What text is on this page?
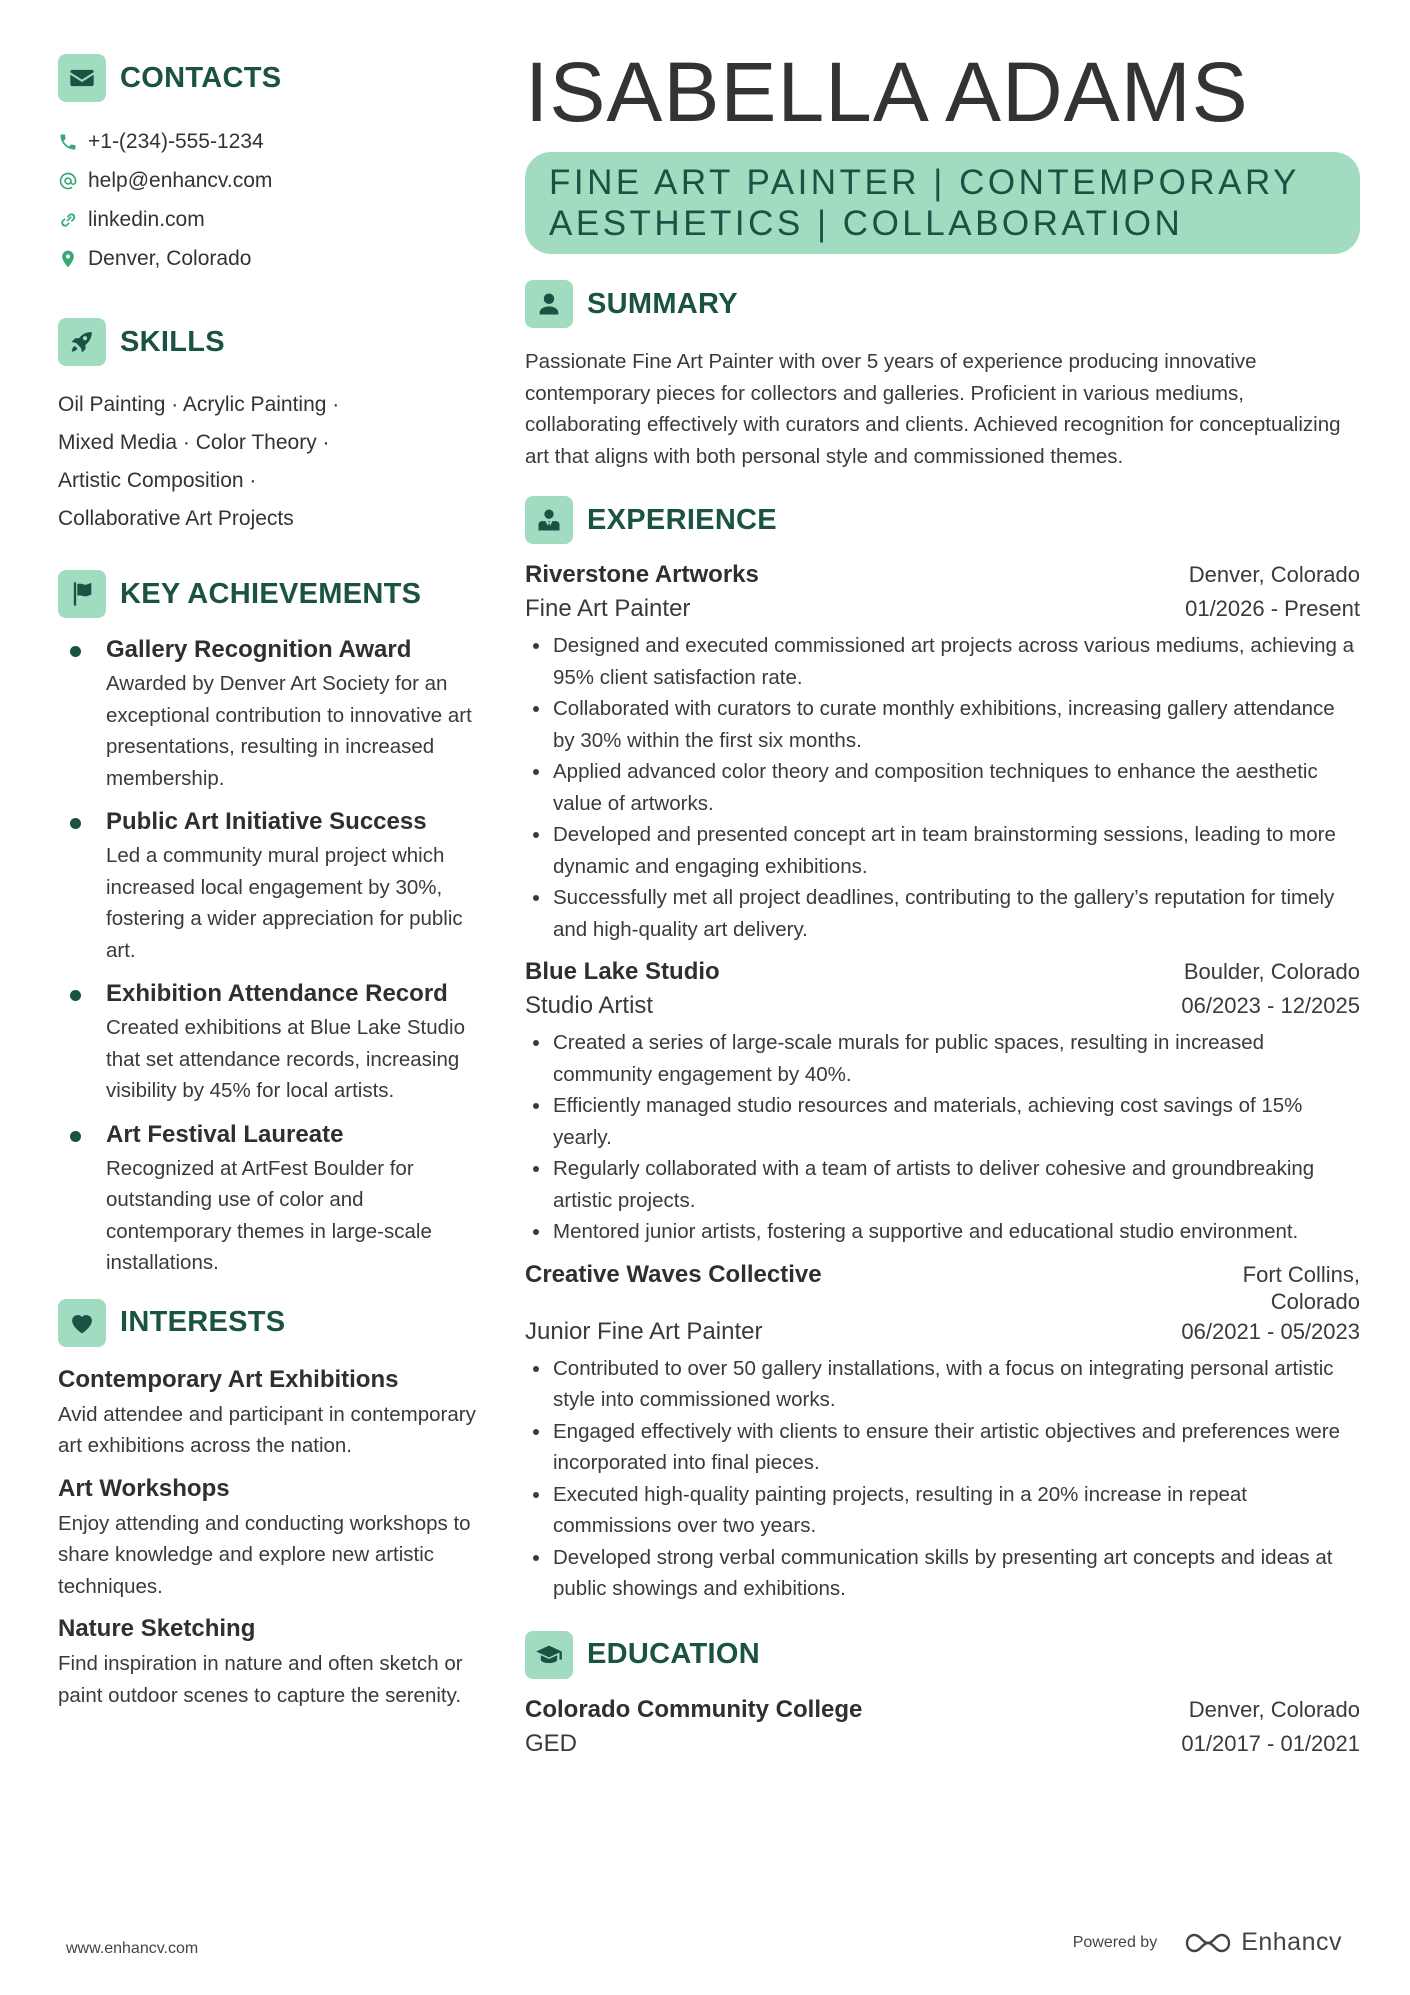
CONTACTS
+1-(234)-555-1234
help@enhancv.com
linkedin.com
Denver, Colorado
SKILLS
Oil Painting · Acrylic Painting ·
Mixed Media · Color Theory ·
Artistic Composition ·
Collaborative Art Projects
KEY ACHIEVEMENTS
Gallery Recognition Award
Awarded by Denver Art Society for an exceptional contribution to innovative art presentations, resulting in increased membership.
Public Art Initiative Success
Led a community mural project which increased local engagement by 30%, fostering a wider appreciation for public art.
Exhibition Attendance Record
Created exhibitions at Blue Lake Studio that set attendance records, increasing visibility by 45% for local artists.
Art Festival Laureate
Recognized at ArtFest Boulder for outstanding use of color and contemporary themes in large-scale installations.
INTERESTS
Contemporary Art Exhibitions
Avid attendee and participant in contemporary art exhibitions across the nation.
Art Workshops
Enjoy attending and conducting workshops to share knowledge and explore new artistic techniques.
Nature Sketching
Find inspiration in nature and often sketch or paint outdoor scenes to capture the serenity.
ISABELLA ADAMS
FINE ART PAINTER | CONTEMPORARY AESTHETICS | COLLABORATION
SUMMARY
Passionate Fine Art Painter with over 5 years of experience producing innovative contemporary pieces for collectors and galleries. Proficient in various mediums, collaborating effectively with curators and clients. Achieved recognition for conceptualizing art that aligns with both personal style and commissioned themes.
EXPERIENCE
Riverstone Artworks	Denver, Colorado
Fine Art Painter	01/2026 - Present
Designed and executed commissioned art projects across various mediums, achieving a 95% client satisfaction rate.
Collaborated with curators to curate monthly exhibitions, increasing gallery attendance by 30% within the first six months.
Applied advanced color theory and composition techniques to enhance the aesthetic value of artworks.
Developed and presented concept art in team brainstorming sessions, leading to more dynamic and engaging exhibitions.
Successfully met all project deadlines, contributing to the gallery’s reputation for timely and high-quality art delivery.
Blue Lake Studio	Boulder, Colorado
Studio Artist	06/2023 - 12/2025
Created a series of large-scale murals for public spaces, resulting in increased community engagement by 40%.
Efficiently managed studio resources and materials, achieving cost savings of 15% yearly.
Regularly collaborated with a team of artists to deliver cohesive and groundbreaking artistic projects.
Mentored junior artists, fostering a supportive and educational studio environment.
Creative Waves Collective	Fort Collins, Colorado
Junior Fine Art Painter	06/2021 - 05/2023
Contributed to over 50 gallery installations, with a focus on integrating personal artistic style into commissioned works.
Engaged effectively with clients to ensure their artistic objectives and preferences were incorporated into final pieces.
Executed high-quality painting projects, resulting in a 20% increase in repeat commissions over two years.
Developed strong verbal communication skills by presenting art concepts and ideas at public showings and exhibitions.
EDUCATION
Colorado Community College	Denver, Colorado
GED	01/2017 - 01/2021
www.enhancv.com	Powered by	Enhancv
